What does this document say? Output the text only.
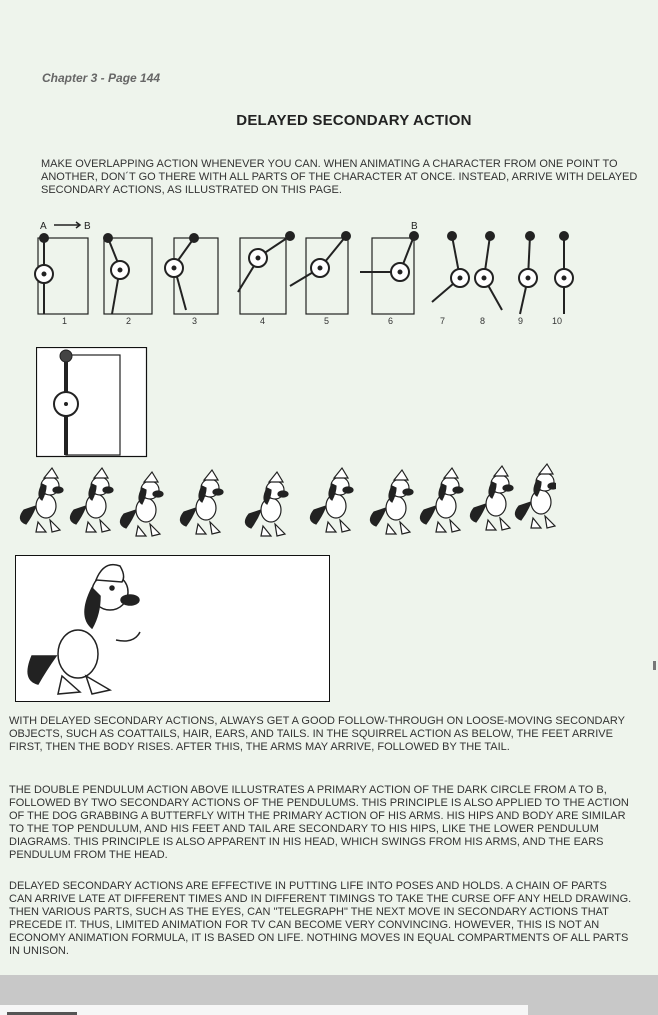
Chapter 3 - Page 144
DELAYED SECONDARY ACTION
MAKE OVERLAPPING ACTION WHENEVER YOU CAN. WHEN ANIMATING A CHARACTER FROM ONE POINT TO ANOTHER, DON´T GO THERE WITH ALL PARTS OF THE CHARACTER AT ONCE. INSTEAD, ARRIVE WITH DELAYED SECONDARY ACTIONS, AS ILLUSTRATED ON THIS PAGE.
A	B	B
1	2	3	4	5	6	7	8	9	10
WITH DELAYED SECONDARY ACTIONS, ALWAYS GET A GOOD FOLLOW-THROUGH ON LOOSE-MOVING SECONDARY OBJECTS, SUCH AS COATTAILS, HAIR, EARS, AND TAILS. IN THE SQUIRREL ACTION AS BELOW, THE FEET ARRIVE FIRST, THEN THE BODY RISES. AFTER THIS, THE ARMS MAY ARRIVE, FOLLOWED BY THE TAIL.
THE DOUBLE PENDULUM ACTION ABOVE ILLUSTRATES A PRIMARY ACTION OF THE DARK CIRCLE FROM A TO B, FOLLOWED BY TWO SECONDARY ACTIONS OF THE PENDULUMS. THIS PRINCIPLE IS ALSO APPLIED TO THE ACTION OF THE DOG GRABBING A BUTTERFLY WITH THE PRIMARY ACTION OF HIS ARMS. HIS HIPS AND BODY ARE SIMILAR TO THE TOP PENDULUM, AND HIS FEET AND TAIL ARE SECONDARY TO HIS HIPS, LIKE THE LOWER PENDULUM DIAGRAMS. THIS PRINCIPLE IS ALSO APPARENT IN HIS HEAD, WHICH SWINGS FROM HIS ARMS, AND THE EARS PENDULUM FROM THE HEAD.
DELAYED SECONDARY ACTIONS ARE EFFECTIVE IN PUTTING LIFE INTO POSES AND HOLDS. A CHAIN OF PARTS CAN ARRIVE LATE AT DIFFERENT TIMES AND IN DIFFERENT TIMINGS TO TAKE THE CURSE OFF ANY HELD DRAWING. THEN VARIOUS PARTS, SUCH AS THE EYES, CAN "TELEGRAPH" THE NEXT MOVE IN SECONDARY ACTIONS THAT PRECEDE IT. THUS, LIMITED ANIMATION FOR TV CAN BECOME VERY CONVINCING. HOWEVER, THIS IS NOT AN ECONOMY ANIMATION FORMULA, IT IS BASED ON LIFE. NOTHING MOVES IN EQUAL COMPARTMENTS OF ALL PARTS IN UNISON.
